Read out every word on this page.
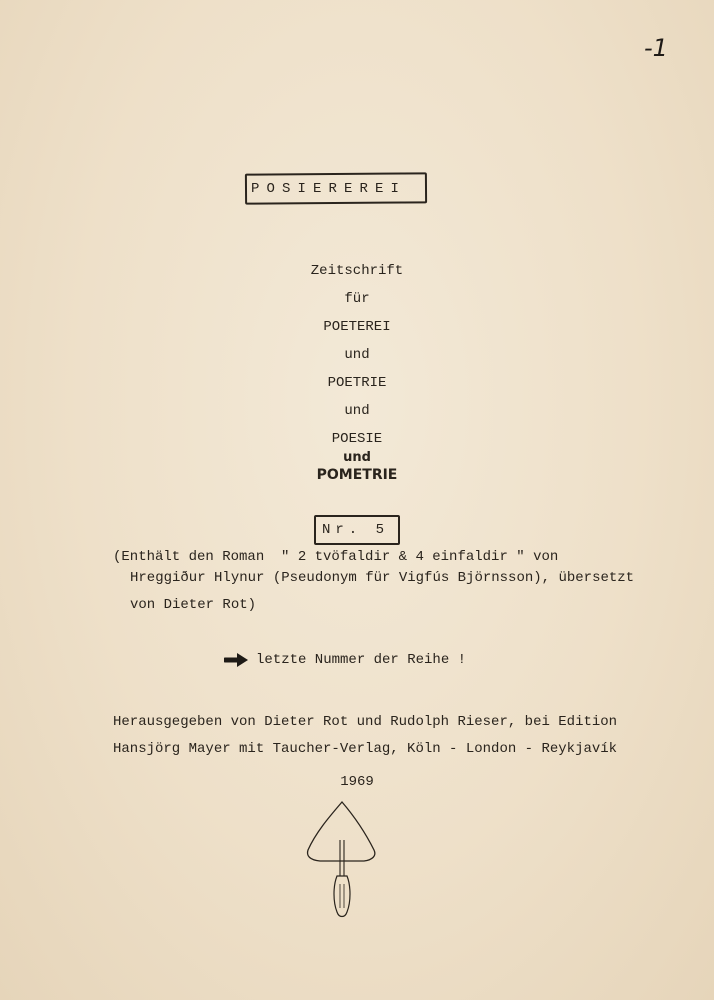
-1
POSIEREREI
Zeitschrift
für
POETEREI
und
POETRIE
und
POESIE
und
POMETRIE
Nr. 5
(Enthält den Roman  " 2 tvöfaldir & 4 einfaldir " von
Hreggiður Hlynur (Pseudonym für Vigfús Björnsson), übersetzt
von Dieter Rot)
letzte Nummer der Reihe !
Herausgegeben von Dieter Rot und Rudolph Rieser, bei Edition
Hansjörg Mayer mit Taucher-Verlag, Köln - London - Reykjavík
1969
